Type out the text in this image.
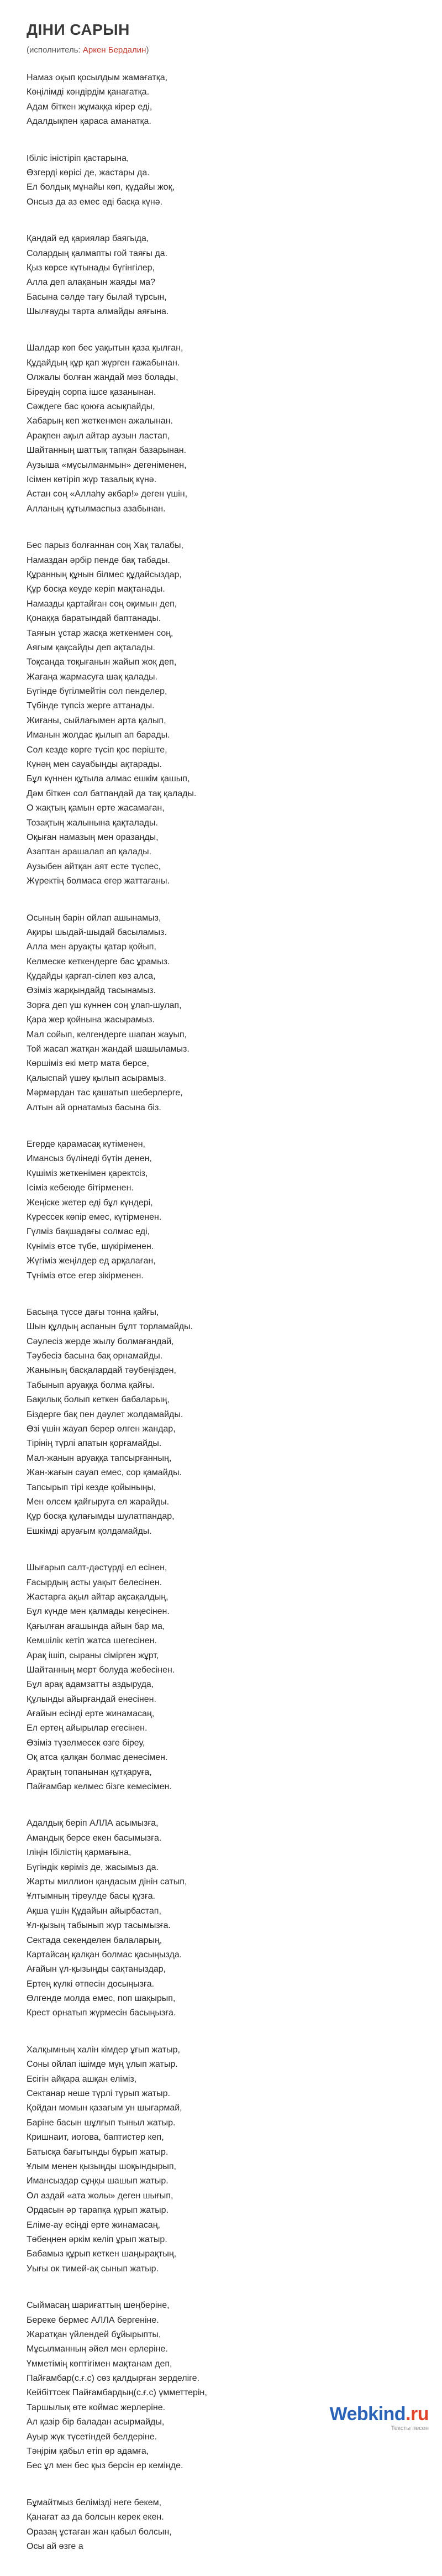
ДІНИ САРЫН
(исполнитель: Аркен Бердалин)
Намаз оқып қосылдым жамағатқа,
Көңілімді көндірдім қанағатқа.
Адам біткен жұмаққа кірер еді,
Адалдықпен қараса аманатқа.
Ібіліс іністіріп қастарына,
Өзгерді көрісі де, жастары да.
Ел болдық мұнайы көп, құдайы жоқ,
Онсыз да аз емес еді басқа күнә.
Қандай ед қариялар баягыда,
Солардың қалмапты гой таяғы да.
Қыз көрсе күтынады бүгінгілер,
Алла деп алақанын жаяды ма?
Басына сәлде тағу былай тұрсын,
Шылғауды тарта алмайды аяғына.
Шалдар көп бес уақытын қаза қылған,
Құдайдың құр қап жүрген ғажабынан.
Олжалы болған жандай мәз болады,
Біреудің сорпа ішсе қазанынан.
Сәждеге бас қоюға асықпайды,
Хабарың кеп жеткенмен ажалынан.
Арақпен ақыл айтар аузын ластап,
Шайтанның шаттық тапқан базарынан.
Аузыша «мұсылманмын» дегеніменен,
Ісімен көтіріп жүр тазалық күнә.
Астан соң «Аллаһу әкбар!» деген үшін,
Алланың құтылмаспыз азабынан.
Бес парыз болғаннан соң Хақ талабы,
Намаздан әрбір пенде бақ табады.
Құранның құнын білмес құдайсыздар,
Құр босқа кеуде керіп мақтанады.
Намазды қартайған соң оқимын деп,
Қонаққа баратындай баптанады.
Таяғын ұстар жасқа жеткенмен соң,
Аягым қақсайды деп ақталады.
Тоқсанда тоқығанын жайып жоқ деп,
Жағаңа жармасуға шақ қалады.
Бүгінде бүгілмейтін сол пенделер,
Түбінде түпсіз жерге аттанады.
Жиғаны, сыйлағымен арта қалып,
Иманын жолдас қылып ап барады.
Сол кезде көрге түсіп қос періште,
Күнәң мен сауабыңды ақтарады.
Бұл күннен құтыла алмас ешкім қашып,
Дәм біткен сол батпандай да тақ қалады.
О жақтың қамын ерте жасамаған,
Тозақтың жалынына қақталады.
Оқыған намазың мен оразаңды,
Азаптан арашалап ап қалады.
Аузыбен айтқан аят есте түспес,
Жүректің болмаса егер жаттағаны.
Осының барін ойлап ашынамыз,
Ақиры шыдай-шыдай басыламыз.
Алла мен аруақты қатар қойып,
Келмеске кеткендерге бас ұрамыз.
Құдайды қарғап-сілеп көз алса,
Өзіміз жарқындайд тасынамыз.
Зорға деп үш күннен соң ұлап-шулап,
Қара жер қойнына жасырамыз.
Мал сойып, келгендерге шапан жауып,
Той жасап жатқан жандай шашыламыз.
Көршіміз екі метр мата берсе,
Қалыспай үшеу қылып асырамыз.
Мәрмәрдан тас қашатып шеберлерге,
Алтын ай орнатамыз басына біз.
Егерде қарамасақ күтіменен,
Имансыз бүлінеді бүтін денен,
Күшіміз жеткенімен қаректсіз,
Ісіміз кебеюде бітірменен.
Жеңіске жетер еді бұл күндері,
Күрессек көпір емес, күтірменен.
Гүлміз бақшадағы солмас еді,
Күніміз өтсе түбе, шүкіріменен.
Жүгіміз жеңілдер ед арқалаған,
Түніміз өтсе егер зікірменен.
Басыңа түссе дағы тонна қайғы,
Шын құлдың аспанын бұлт торламайды.
Сәулесіз жерде жылу болмағандай,
Тәубесіз басына бақ орнамайды.
Жанының басқалардай тәубеңізден,
Табынып аруаққа болма қайғы.
Бақилық болып кеткен бабаларың,
Біздерге бақ пен дәулет жолдамайды.
Өзі үшін жауап берер өлген жандар,
Тірінің түрлі апатын қорғамайды.
Мал-жанын аруаққа тапсырғанның,
Жан-жағын сауап емес, сор қамайды.
Тапсырып тірі кезде қойыныңы,
Мен өлсем қайғыруға ел жарайды.
Құр босқа құлағымды шулатпандар,
Ешкімді аруағым қолдамайды.
Шығарып салт-дәстүрді ел есінен,
Ғасырдың асты уақыт белесінен.
Жастарға ақыл айтар ақсақалдың,
Бұл күнде мен қалмады кеңесінен.
Қағылған ағашында айын бар ма,
Кемшілік кетіп жатса шегесінен.
Арақ ішіп, сыраны сімірген жұрт,
Шайтанның мерт болуда жебесінен.
Бұл арақ адамзатты аздыруда,
Құлынды айырғандай енесінен.
Ағайын есінді ерте жинамасаң,
Ел ертең айырылар егесінен.
Өзіміз түзелмесек өзге біреу,
Оқ атса қалқан болмас денесімен.
Арақтың топанынан құтқаруға,
Пайғамбар келмес бізге кемесімен.
Адалдық беріп АЛЛА асымызға,
Амандық берсе екен басымызға.
Іліңін Ібілістің қармағына,
Бүгіндік көріміз де, жасымыз да.
Жарты миллион қандасым дінін сатып,
Ұлтымның тіреулде басы құзға.
Ақша үшін Құдайын айырбастап,
Ұл-қызың табынып жүр тасымызға.
Сектада секенделен балаларың,
Картайсаң қалқан болмас қасыңызда.
Ағайын ұл-қызыңды сақтаныздар,
Ертең күлкі өтпесін досыңызға.
Өлгенде молда емес, поп шақырып,
Крест орнатып жүрмесін басыңызға.
Халқымның халін кімдер ұғып жатыр,
Соны ойлап ішімде мұң ұлып жатыр.
Есігін айқара ашқан еліміз,
Сектанар неше түрлі түрып жатыр.
Қойдан момын қазағым ун шығармай,
Баріне басын шұлғып тыныл жатыр.
Кришнаит, иогова, баптистер кеп,
Батысқа бағытыңды бұрып жатыр.
Ұлым менен қызыңды шоқындырып,
Имансыздар сұңқы шашып жатыр.
Ол аздай «ата жолы» деген шығып,
Ордасын әр тарапқа құрып жатыр.
Еліме-ау есіңді ерте жинамасаң,
Төбеңнен әркім келіп ұрып жатыр.
Бабамыз құрып кеткен шаңырақтың,
Уығы ок тимей-ақ сынып жатыр.
Сыймасаң шариғаттың шеңберіне,
Береке бермес АЛЛА бергеніне.
Жаратқан үйлендей бұйырыпты,
Мұсылманның әйел мен ерлеріне.
Үмметімің көптігімен мақтанам деп,
Пайғамбар(с.ғ.с) сөз қалдырған зерделіге.
Кейбіттсек Пайғамбардың(с.ғ.с) үмметтерін,
Таршылық өте коймас жерлеріне.
Ал қазір бір баладан асырмайды,
Ауыр жүк түсетіндей белдеріне.
Тәңірім қабыл етіп өр адамға,
Бес ұл мен бес қыз берсін ер кеміңде.
Бұмайтмыз белімізді неге бекем,
Қанағат аз да болсын керек екен.
Оразаң ұстаған жан қабыл болсын,
Осы ай өзге а
Webkind.ru
Тексты песен
